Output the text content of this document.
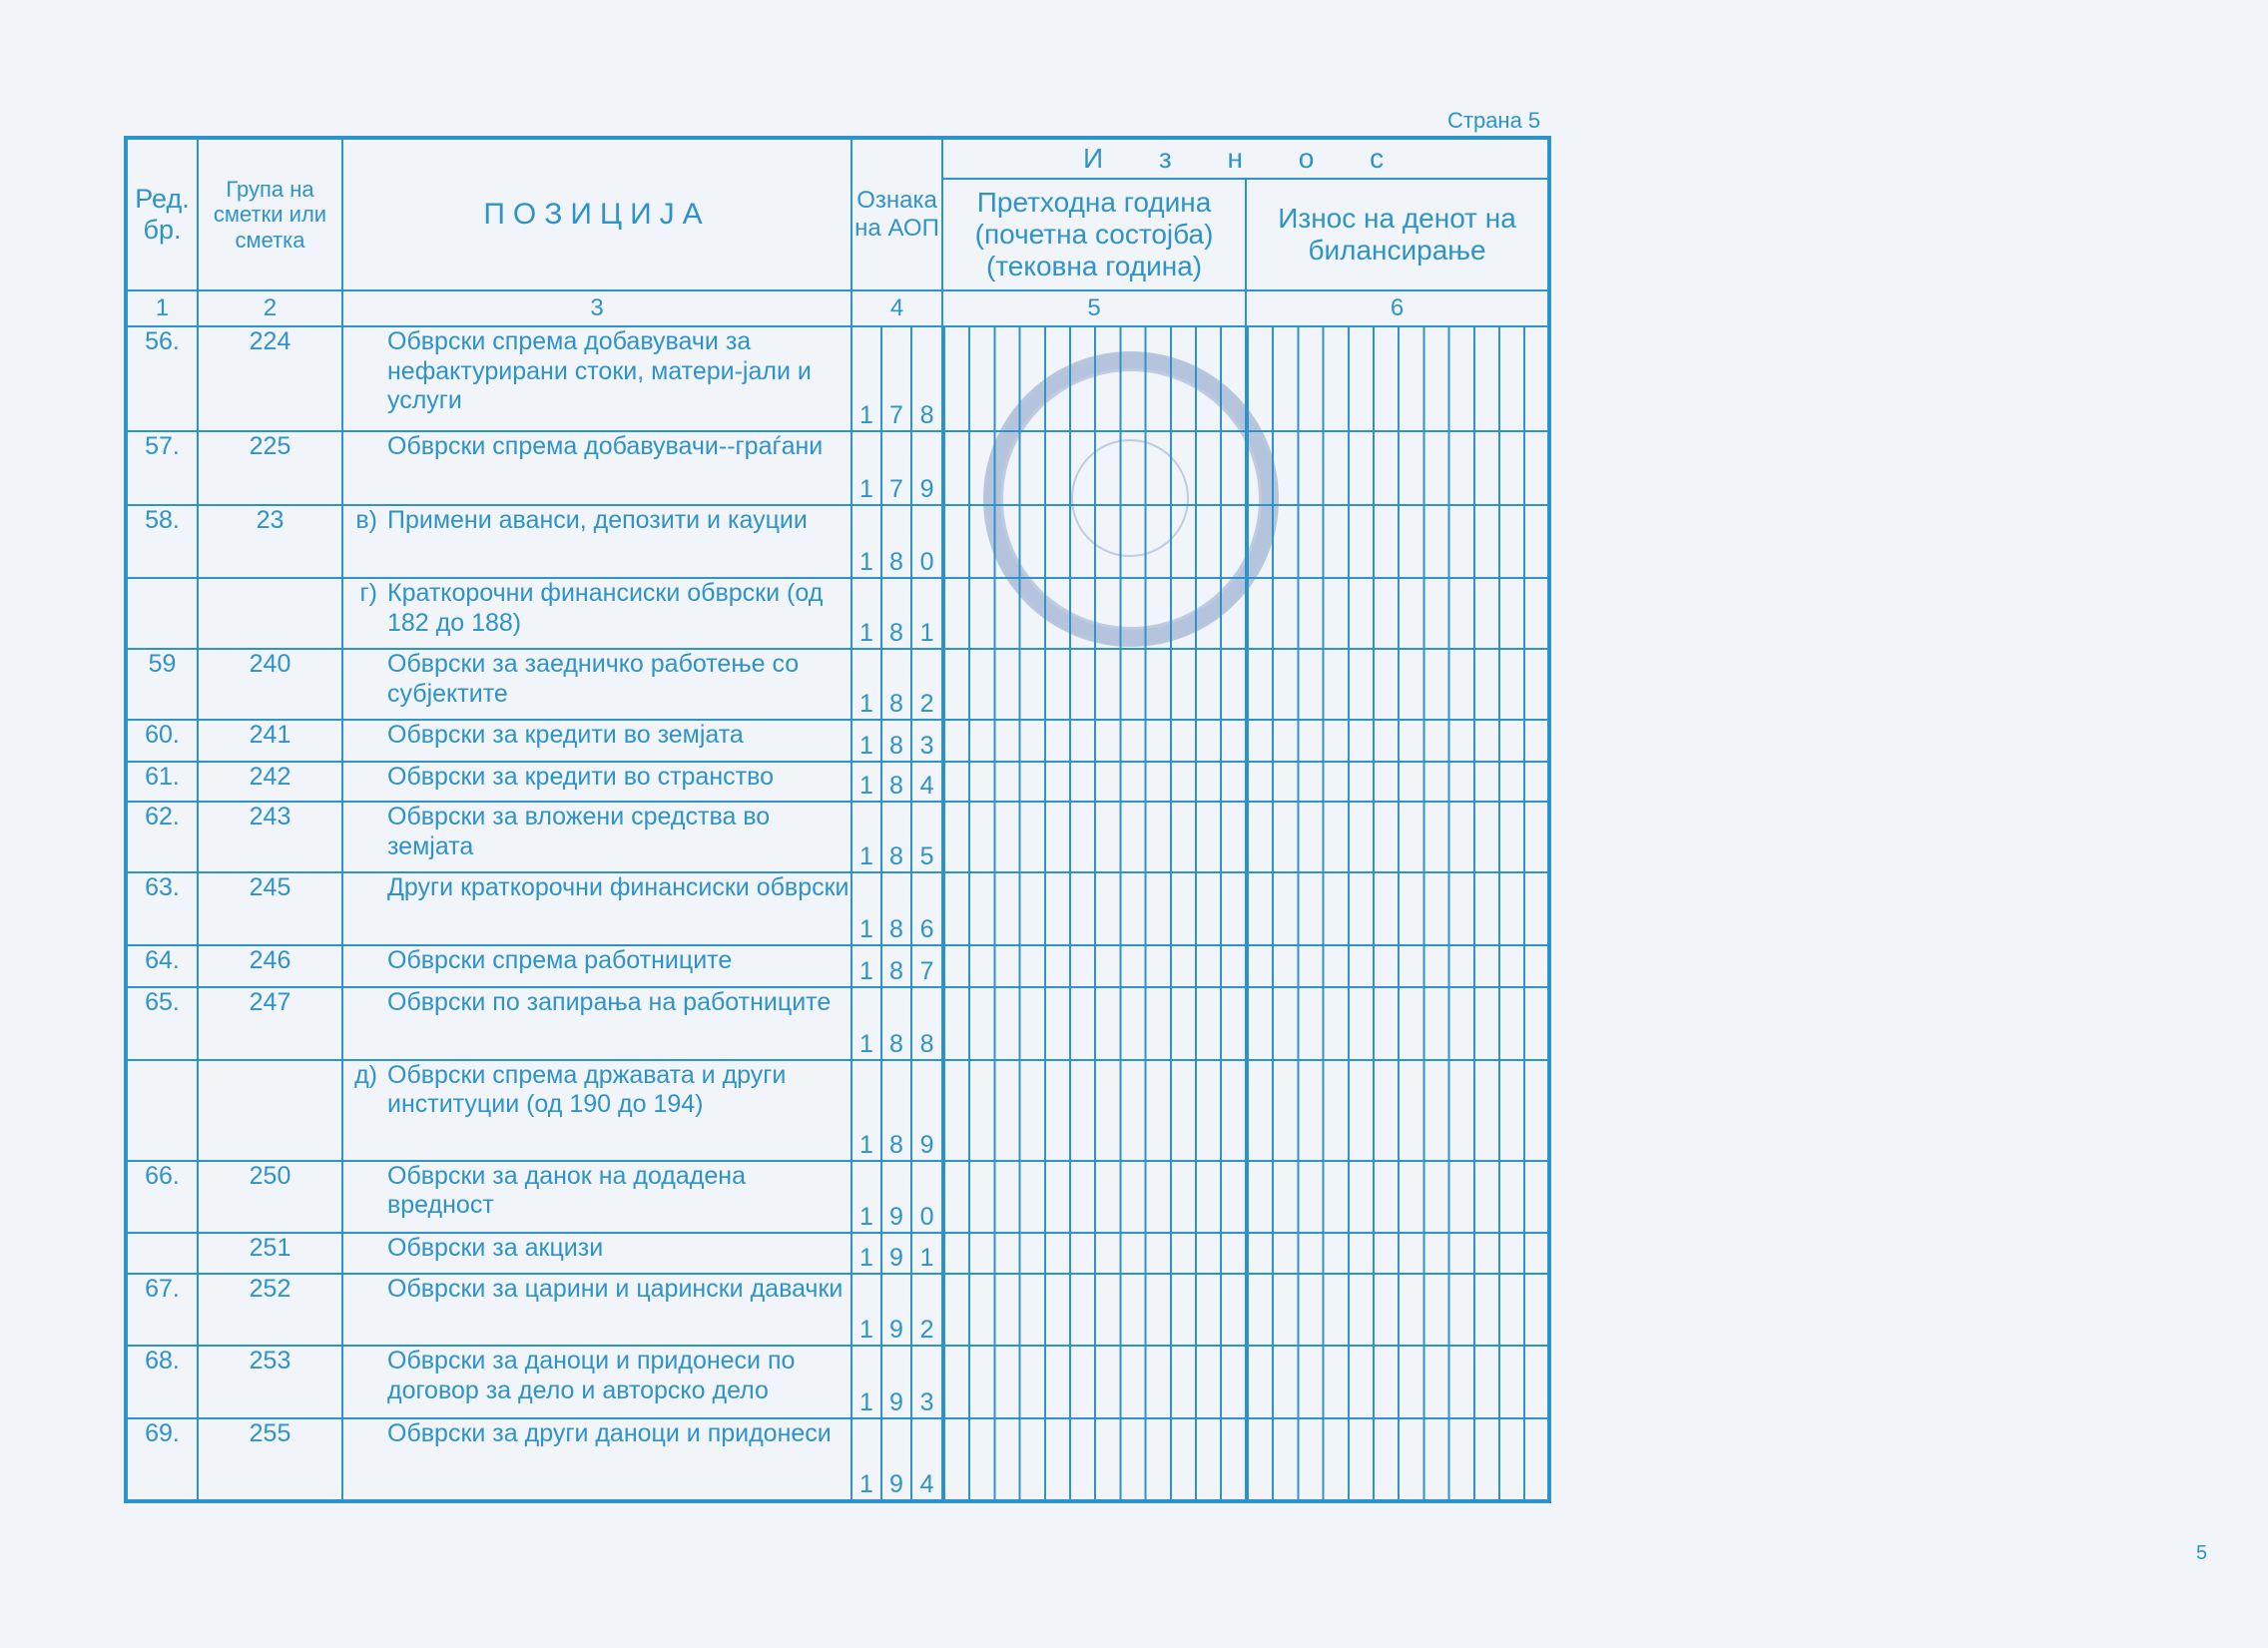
Страна 5
5
Ред. бр.	Група на сметки или сметка	ПОЗИЦИЈА	Ознака на АОП			И з н о с	
						Претходна година (почетна состојба) (тековна година)	Износ на денот на билансирање
1	2	3	4			5	6
56.	224	Обврски спрема добавувачи за нефактурирани стоки, матери-јали и услуги	1	7	8		
57.	225	Обврски спрема добавувачи--граѓани	1	7	9		
58.	23	в) Примени аванси, депозити и кауции	1	8	0		

		г) Краткорочни финансиски обврски (од 182 до 188)	1	8	1		
59	240	Обврски за заедничко работење со субјектите	1	8	2		
60.	241	Обврски за кредити во земјата	1	8	3		
61.	242	Обврски за кредити во странство	1	8	4		
62.	243	Обврски за вложени средства во земјата	1	8	5		
63.	245	Други краткорочни финансиски обврски	1	8	6		
64.	246	Обврски спрема работниците	1	8	7		
65.	247	Обврски по запирања на работниците	1	8	8		

		д) Обврски спрема државата и други институции (од 190 до 194)	1	8	9		
66.	250	Обврски за данок на додадена вредност	1	9	0		
	251	Обврски за акцизи	1	9	1		
67.	252	Обврски за царини и царински давачки	1	9	2		
68.	253	Обврски за даноци и придонеси по договор за дело и авторско дело	1	9	3		
69.	255	Обврски за други даноци и придонеси	1	9	4		
